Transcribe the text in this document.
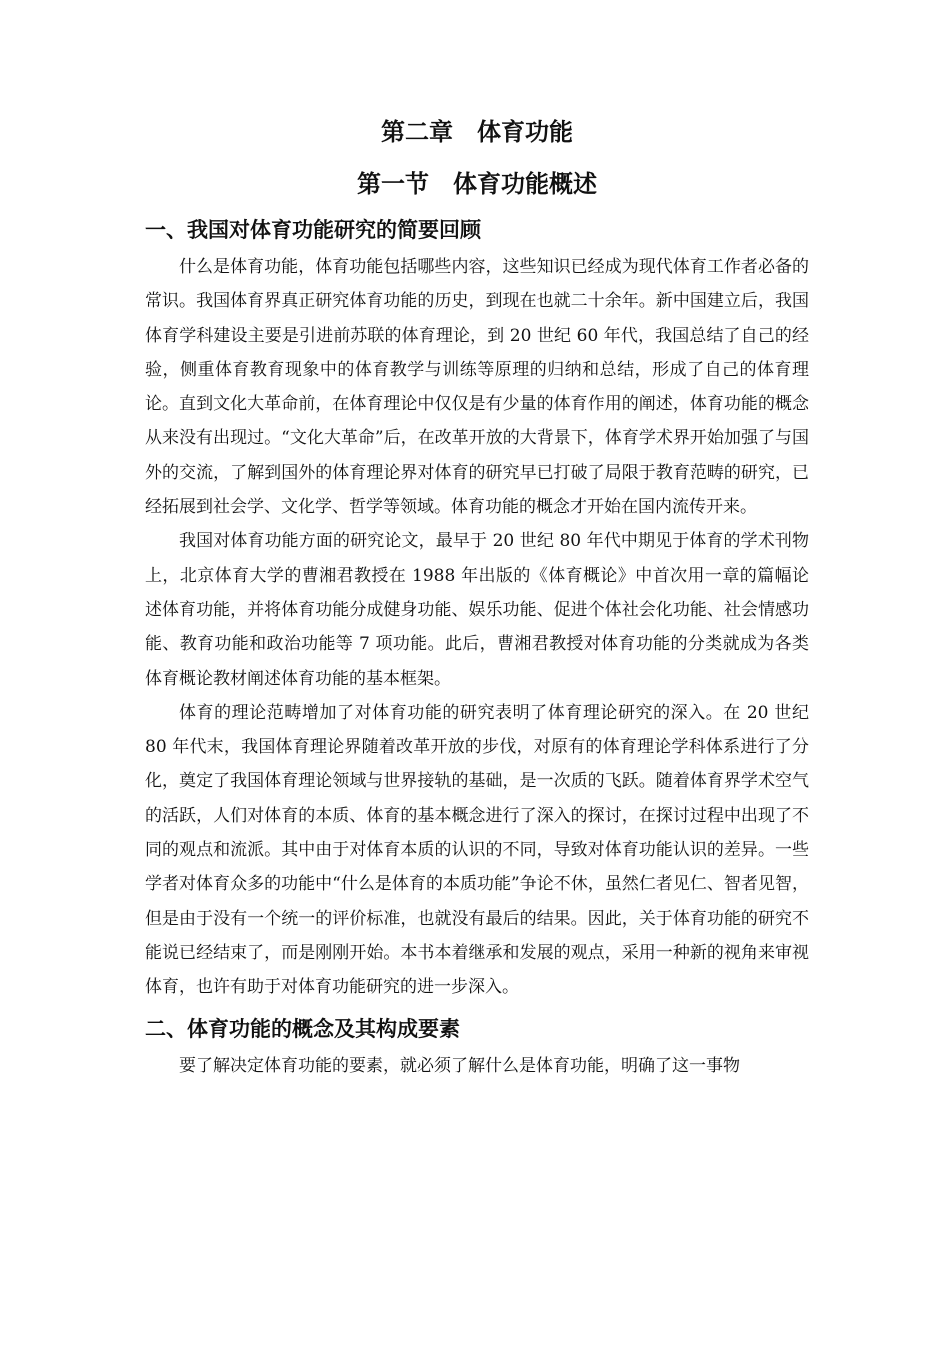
第二章　体育功能
第一节　体育功能概述
一、我国对体育功能研究的简要回顾

什么是体育功能，体育功能包括哪些内容，这些知识已经成为现代体育工作者必备的常识。我国体育界真正研究体育功能的历史，到现在也就二十余年。新中国建立后，我国体育学科建设主要是引进前苏联的体育理论，到 20 世纪 60 年代，我国总结了自己的经验，侧重体育教育现象中的体育教学与训练等原理的归纳和总结，形成了自己的体育理论。直到文化大革命前，在体育理论中仅仅是有少量的体育作用的阐述，体育功能的概念从来没有出现过。“文化大革命”后，在改革开放的大背景下，体育学术界开始加强了与国外的交流，了解到国外的体育理论界对体育的研究早已打破了局限于教育范畴的研究，已经拓展到社会学、文化学、哲学等领域。体育功能的概念才开始在国内流传开来。

我国对体育功能方面的研究论文，最早于 20 世纪 80 年代中期见于体育的学术刊物上，北京体育大学的曹湘君教授在 1988 年出版的《体育概论》中首次用一章的篇幅论述体育功能，并将体育功能分成健身功能、娱乐功能、促进个体社会化功能、社会情感功能、教育功能和政治功能等 7 项功能。此后，曹湘君教授对体育功能的分类就成为各类体育概论教材阐述体育功能的基本框架。

体育的理论范畴增加了对体育功能的研究表明了体育理论研究的深入。在 20 世纪 80 年代末，我国体育理论界随着改革开放的步伐，对原有的体育理论学科体系进行了分化，奠定了我国体育理论领域与世界接轨的基础，是一次质的飞跃。随着体育界学术空气的活跃，人们对体育的本质、体育的基本概念进行了深入的探讨，在探讨过程中出现了不同的观点和流派。其中由于对体育本质的认识的不同，导致对体育功能认识的差异。一些学者对体育众多的功能中“什么是体育的本质功能”争论不休，虽然仁者见仁、智者见智，但是由于没有一个统一的评价标准，也就没有最后的结果。因此，关于体育功能的研究不能说已经结束了，而是刚刚开始。本书本着继承和发展的观点，采用一种新的视角来审视体育，也许有助于对体育功能研究的进一步深入。

二、体育功能的概念及其构成要素

要了解决定体育功能的要素，就必须了解什么是体育功能，明确了这一事物
